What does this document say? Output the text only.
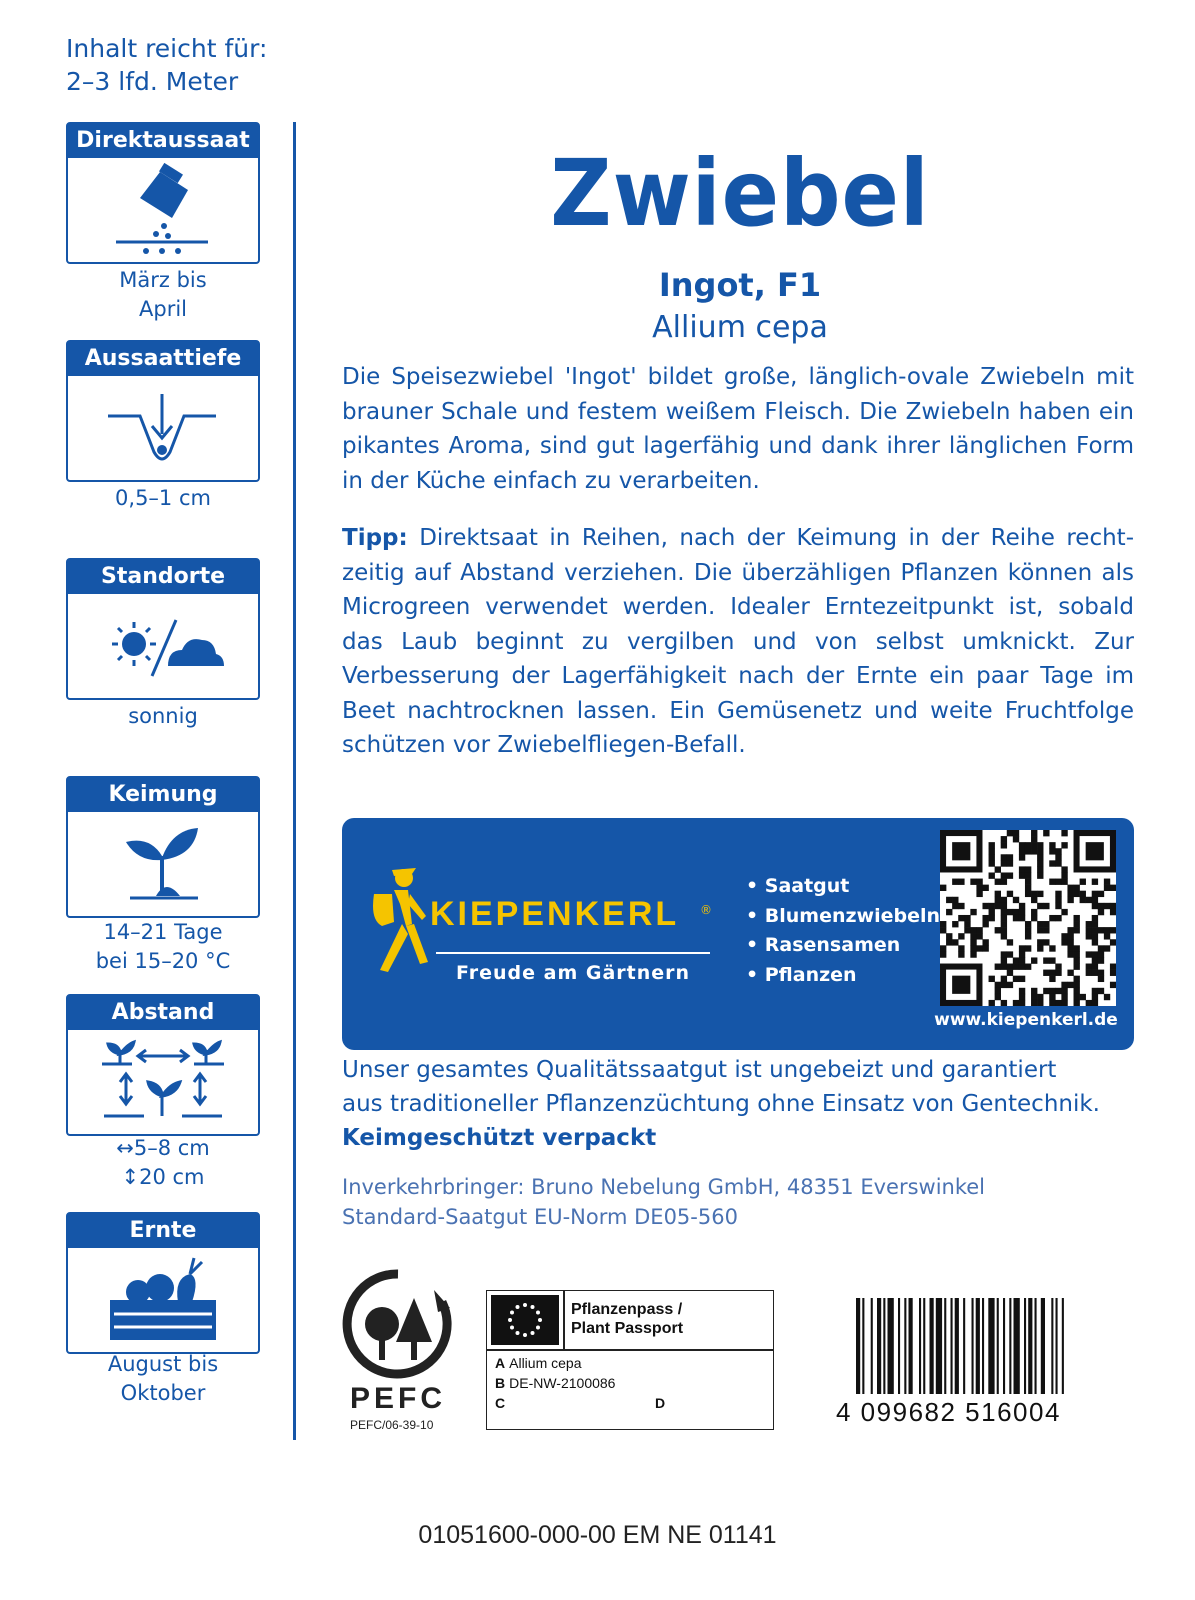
Inhalt reicht für:
2–3 lfd. Meter
Direktaussaat
März bis
April
Aussaattiefe
0,5–1 cm
Standorte
sonnig
Keimung
14–21 Tage
bei 15–20 °C
Abstand
↔5–8 cm
↕20 cm
Ernte
August bis
Oktober
Zwiebel
Ingot, F1
Allium cepa
Die Speisezwiebel 'Ingot' bildet große, länglich-ovale Zwiebeln mit brauner Schale und festem weißem Fleisch. Die Zwiebeln haben ein pikantes Aroma, sind gut lagerfähig und dank ihrer länglichen Form in der Küche einfach zu verarbeiten.
Tipp: Direktsaat in Reihen, nach der Keimung in der Reihe recht-zeitig auf Abstand verziehen. Die überzähligen Pflanzen können als Microgreen verwendet werden. Idealer Erntezeitpunkt ist, sobald das Laub beginnt zu vergilben und von selbst umknickt. Zur Verbesserung der Lagerfähigkeit nach der Ernte ein paar Tage im Beet nachtrocknen lassen. Ein Gemüsenetz und weite Fruchtfolge schützen vor Zwiebelfliegen-Befall.
KIEPENKERL ®
Freude am Gärtnern
• Saatgut
• Blumenzwiebeln
• Rasensamen
• Pflanzen
www.kiepenkerl.de
Unser gesamtes Qualitätssaatgut ist ungebeizt und garantiert
aus traditioneller Pflanzenzüchtung ohne Einsatz von Gentechnik.
Keimgeschützt verpackt
Inverkehrbringer: Bruno Nebelung GmbH, 48351 Everswinkel
Standard-Saatgut EU-Norm DE05-560
PEFC
PEFC/06-39-10
Pflanzenpass /
Plant Passport
A Allium cepa
B DE-NW-2100086
C	D	4 099682 516004
01051600-000-00 EM NE 01141
